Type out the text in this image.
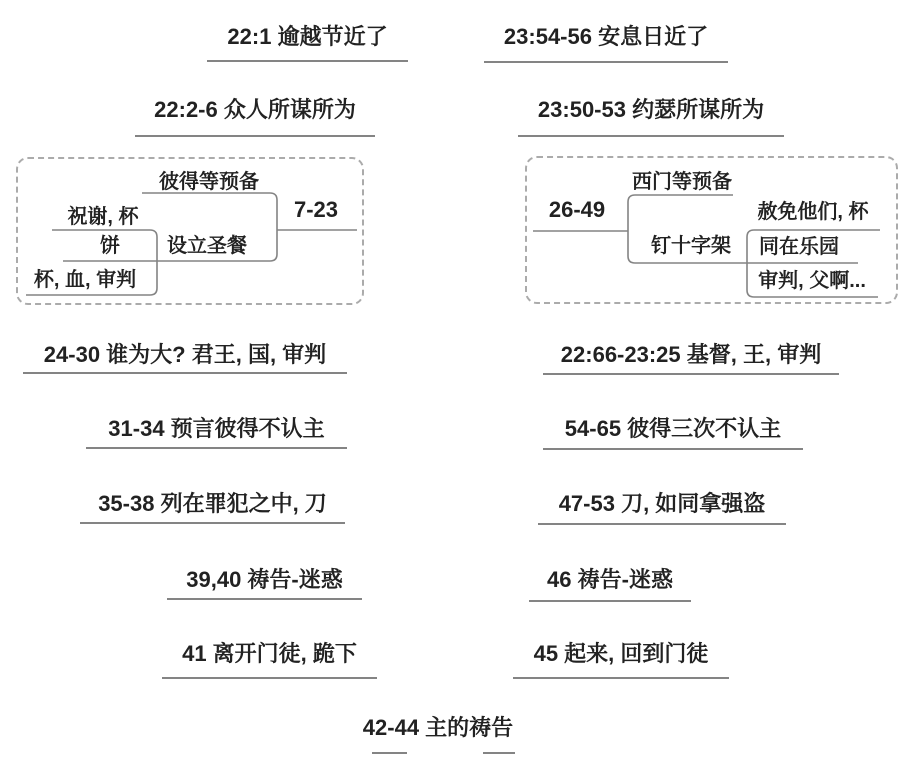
22:1 逾越节近了
22:2-6 众人所谋所为
24-30 谁为大? 君王, 国, 审判
31-34 预言彼得不认主
35-38 列在罪犯之中, 刀
39,40 祷告-迷惑
41 离开门徒, 跪下
23:54-56 安息日近了
23:50-53 约瑟所谋所为
22:66-23:25 基督, 王, 审判
54-65 彼得三次不认主
47-53 刀, 如同拿强盗
46 祷告-迷惑
45 起来, 回到门徒
42-44 主的祷告
彼得等预备
7-23
祝谢, 杯
饼	设立圣餐
杯, 血, 审判
26-49
西门等预备
钉十字架
赦免他们, 杯
同在乐园
审判, 父啊...
